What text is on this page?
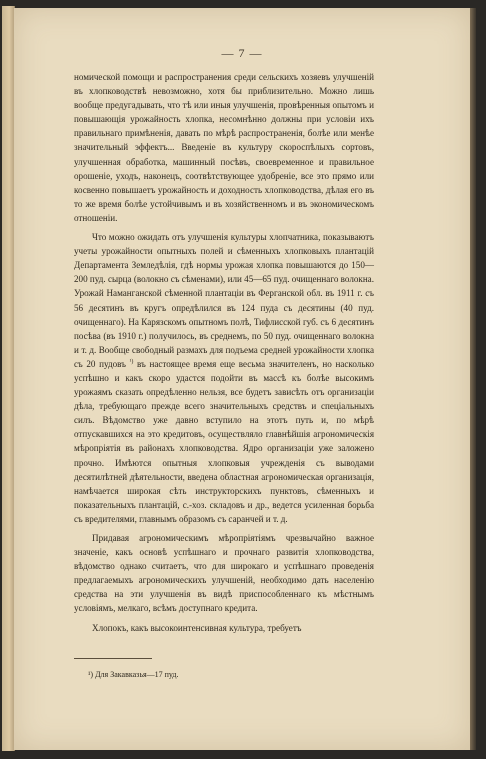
— 7 —

номической помощи и распространения среди сельскихъ хозяевъ улучшеній въ хлопководствѣ невозможно, хотя бы приблизительно. Можно лишь вообще предугадывать, что тѣ или иныя улучшенія, провѣренныя опытомъ и повышающія урожайность хлопка, несомнѣнно должны при условіи ихъ правильнаго примѣненія, давать по мѣрѣ распространенія, болѣе или менѣе значительный эффектъ... Введеніе въ культуру скороспѣлыхъ сортовъ, улучшенная обработка, машинный посѣвъ, своевременное и правильное орошеніе, уходъ, наконецъ, соотвѣтствующее удобреніе, все это прямо или косвенно повышаетъ урожайность и доходность хлопководства, дѣлая его въ то же время болѣе устойчивымъ и въ хозяйственномъ и въ экономическомъ отношеніи.

Что можно ожидать отъ улучшенія культуры хлопчатника, показываютъ учеты урожайности опытныхъ полей и сѣменныхъ хлопковыхъ плантацій Департамента Земледѣлія, гдѣ нормы урожая хлопка повышаются до 150—200 пуд. сырца (волокно съ сѣменами), или 45—65 пуд. очищеннаго волокна. Урожай Наманганской сѣменной плантаціи въ Ферганской обл. въ 1911 г. съ 56 десятинъ въ кругъ опредѣлился въ 124 пуда съ десятины (40 пуд. очищеннаго). На Карязскомъ опытномъ полѣ, Тифлисской губ. съ 6 десятинъ посѣва (въ 1910 г.) получилось, въ среднемъ, по 50 пуд. очищеннаго волокна и т. д. Вообще свободный размахъ для подъема средней урожайности хлопка съ 20 пудовъ $^{^1)}$ въ настоящее время еще весьма значителенъ, но насколько успѣшно и какъ скоро удастся подойти въ массѣ къ болѣе высокимъ урожаямъ сказать опредѣленно нельзя, все будетъ зависѣть отъ организаціи дѣла, требующаго прежде всего значительныхъ средствъ и спеціальныхъ силъ. Вѣдомство уже давно вступило на этотъ путь и, по мѣрѣ отпускавшихся на это кредитовъ, осуществляло главнѣйшія агрономическія мѣропріятія въ районахъ хлопководства. Ядро организаціи уже заложено прочно. Имѣются опытныя хлопковыя учрежденія съ выводами десятилѣтней дѣятельности, введена областная агрономическая организація, намѣчается широкая сѣть инструкторскихъ пунктовъ, сѣменныхъ и показательныхъ плантацій, с.-хоз. складовъ и др., ведется усиленная борьба съ вредителями, главнымъ образомъ съ саранчей и т. д.

Придавая агрономическимъ мѣропріятіямъ чрезвычайно важное значеніе, какъ основѣ успѣшнаго и прочнаго развитія хлопководства, вѣдомство однако считаетъ, что для широкаго и успѣшнаго проведенія предлагаемыхъ агрономическихъ улучшеній, необходимо дать населенію средства на эти улучшенія въ видѣ приспособленнаго къ мѣстнымъ условіямъ, мелкаго, всѣмъ доступнаго кредита.

Хлопокъ, какъ высокоинтенсивная культура, требуетъ

¹) Для Закавказья—17 пуд.
